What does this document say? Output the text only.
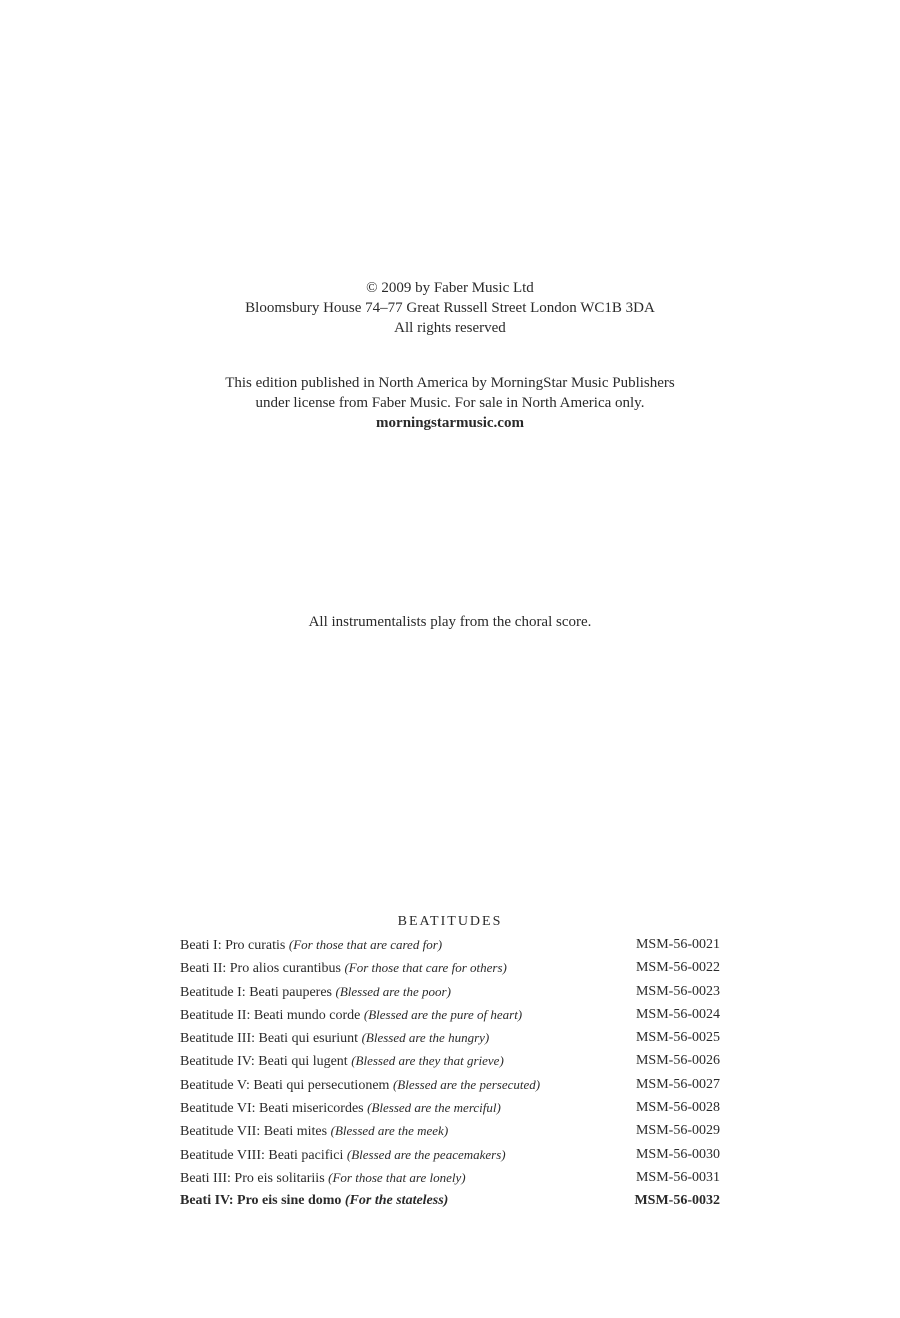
© 2009 by Faber Music Ltd
Bloomsbury House 74–77 Great Russell Street London WC1B 3DA
All rights reserved
This edition published in North America by MorningStar Music Publishers
under license from Faber Music. For sale in North America only.
morningstarmusic.com
All instrumentalists play from the choral score.
BEATITUDES
Beati I: Pro curatis (For those that are cared for)	MSM-56-0021
Beati II: Pro alios curantibus (For those that care for others)	MSM-56-0022
Beatitude I: Beati pauperes (Blessed are the poor)	MSM-56-0023
Beatitude II: Beati mundo corde (Blessed are the pure of heart)	MSM-56-0024
Beatitude III: Beati qui esuriunt (Blessed are the hungry)	MSM-56-0025
Beatitude IV: Beati qui lugent (Blessed are they that grieve)	MSM-56-0026
Beatitude V: Beati qui persecutionem (Blessed are the persecuted)	MSM-56-0027
Beatitude VI: Beati misericordes (Blessed are the merciful)	MSM-56-0028
Beatitude VII: Beati mites (Blessed are the meek)	MSM-56-0029
Beatitude VIII: Beati pacifici (Blessed are the peacemakers)	MSM-56-0030
Beati III: Pro eis solitariis (For those that are lonely)	MSM-56-0031
Beati IV: Pro eis sine domo (For the stateless)	MSM-56-0032
